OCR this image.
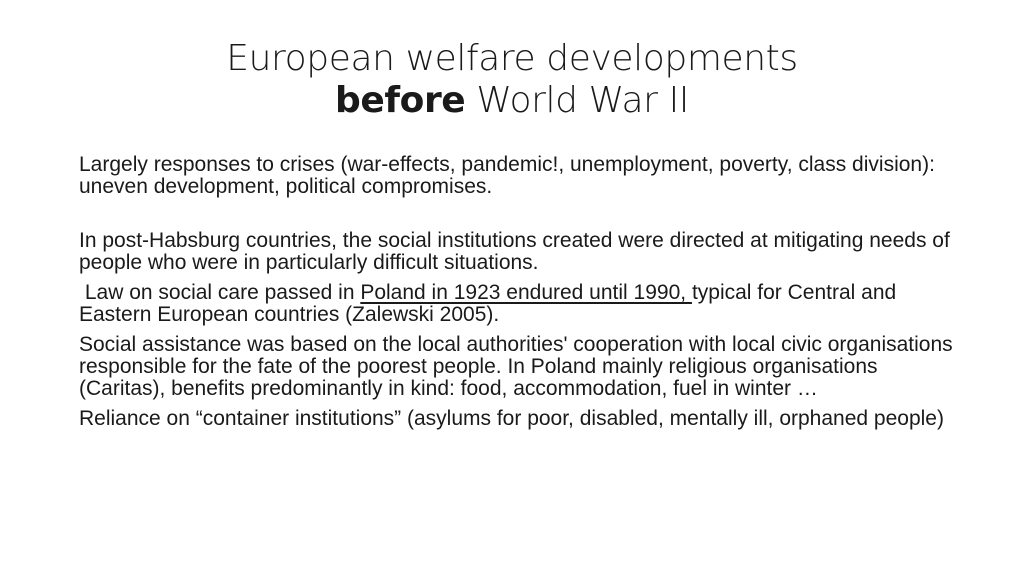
European welfare developments
before World War II

Largely responses to crises (war-effects, pandemic!, unemployment, poverty, class division): uneven development, political compromises.

In post-Habsburg countries, the social institutions created were directed at mitigating needs of people who were in particularly difficult situations.

Law on social care passed in Poland in 1923 endured until 1990, typical for Central and Eastern European countries (Zalewski 2005).

Social assistance was based on the local authorities' cooperation with local civic organisations responsible for the fate of the poorest people. In Poland mainly religious organisations (Caritas), benefits predominantly in kind: food, accommodation, fuel in winter …

Reliance on “container institutions” (asylums for poor, disabled, mentally ill, orphaned people)
